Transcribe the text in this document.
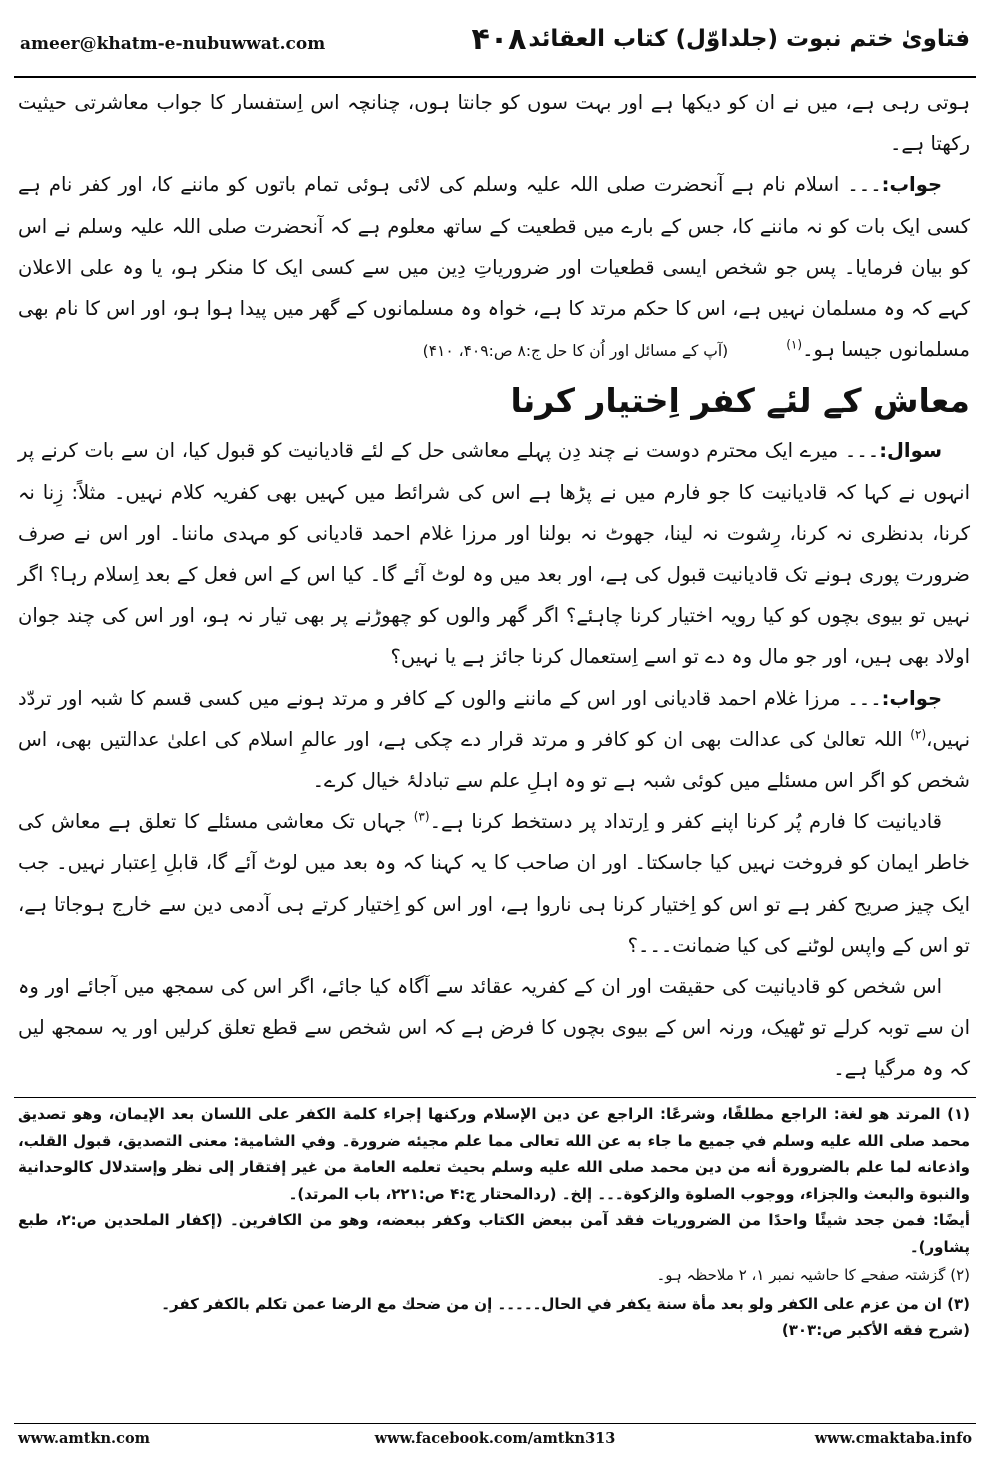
ameer@khatm-e-nubuwwat.com	۴۰۸ فتاویٰ ختم نبوت (جلداوّل) کتاب العقائد

ہوتی رہی ہے، میں نے ان کو دیکھا ہے اور بہت سوں کو جانتا ہوں، چنانچہ اس اِستفسار کا جواب معاشرتی حیثیت رکھتا ہے۔

جواب:۔۔۔ اسلام نام ہے آنحضرت صلی اللہ علیہ وسلم کی لائی ہوئی تمام باتوں کو ماننے کا، اور کفر نام ہے کسی ایک بات کو نہ ماننے کا، جس کے بارے میں قطعیت کے ساتھ معلوم ہے کہ آنحضرت صلی اللہ علیہ وسلم نے اس کو بیان فرمایا۔ پس جو شخص ایسی قطعیات اور ضروریاتِ دِین میں سے کسی ایک کا منکر ہو، یا وہ علی الاعلان کہے کہ وہ مسلمان نہیں ہے، اس کا حکم مرتد کا ہے، خواہ وہ مسلمانوں کے گھر میں پیدا ہوا ہو، اور اس کا نام بھی مسلمانوں جیسا ہو۔$^{(۱)}$(آپ کے مسائل اور اُن کا حل ج:۸ ص:۴۰۹، ۴۱۰)

معاش کے لئے کفر اِختیار کرنا

سوال:۔۔۔ میرے ایک محترم دوست نے چند دِن پہلے معاشی حل کے لئے قادیانیت کو قبول کیا، ان سے بات کرنے پر انہوں نے کہا کہ قادیانیت کا جو فارم میں نے پڑھا ہے اس کی شرائط میں کہیں بھی کفریہ کلام نہیں۔ مثلاً: زِنا نہ کرنا، بدنظری نہ کرنا، رِشوت نہ لینا، جھوٹ نہ بولنا اور مرزا غلام احمد قادیانی کو مہدی ماننا۔ اور اس نے صرف ضرورت پوری ہونے تک قادیانیت قبول کی ہے، اور بعد میں وہ لوٹ آئے گا۔ کیا اس کے اس فعل کے بعد اِسلام رہا؟ اگر نہیں تو بیوی بچوں کو کیا رویہ اختیار کرنا چاہئے؟ اگر گھر والوں کو چھوڑنے پر بھی تیار نہ ہو، اور اس کی چند جوان اولاد بھی ہیں، اور جو مال وہ دے تو اسے اِستعمال کرنا جائز ہے یا نہیں؟

جواب:۔۔۔ مرزا غلام احمد قادیانی اور اس کے ماننے والوں کے کافر و مرتد ہونے میں کسی قسم کا شبہ اور تردّد نہیں،$^{(۲)}$ اللہ تعالیٰ کی عدالت بھی ان کو کافر و مرتد قرار دے چکی ہے، اور عالمِ اسلام کی اعلیٰ عدالتیں بھی، اس شخص کو اگر اس مسئلے میں کوئی شبہ ہے تو وہ اہلِ علم سے تبادلۂ خیال کرے۔

قادیانیت کا فارم پُر کرنا اپنے کفر و اِرتداد پر دستخط کرنا ہے۔$^{(۳)}$ جہاں تک معاشی مسئلے کا تعلق ہے معاش کی خاطر ایمان کو فروخت نہیں کیا جاسکتا۔ اور ان صاحب کا یہ کہنا کہ وہ بعد میں لوٹ آئے گا، قابلِ اِعتبار نہیں۔ جب ایک چیز صریح کفر ہے تو اس کو اِختیار کرنا ہی ناروا ہے، اور اس کو اِختیار کرتے ہی آدمی دین سے خارج ہوجاتا ہے، تو اس کے واپس لوٹنے کی کیا ضمانت۔۔۔؟

اس شخص کو قادیانیت کی حقیقت اور ان کے کفریہ عقائد سے آگاہ کیا جائے، اگر اس کی سمجھ میں آجائے اور وہ ان سے توبہ کرلے تو ٹھیک، ورنہ اس کے بیوی بچوں کا فرض ہے کہ اس شخص سے قطع تعلق کرلیں اور یہ سمجھ لیں کہ وہ مرگیا ہے۔

(۱) المرتد هو لغة: الراجع مطلقًا، وشرعًا: الراجع عن دين الإسلام وركنها إجراء كلمة الكفر على اللسان بعد الإيمان، وهو تصديق محمد صلى الله عليه وسلم في جميع ما جاء به عن الله تعالى مما علم مجيئه ضرورة۔ وفي الشامية: معنى التصديق، قبول القلب، واذعانه لما علم بالضرورة أنه من دين محمد صلى الله عليه وسلم بحيث تعلمه العامة من غير إفتقار إلى نظر وإستدلال كالوحدانية والنبوة والبعث والجزاء، ووجوب الصلوة والزكوة۔۔۔ إلخ۔ (ردالمحتار ج:۴ ص:۲۲۱، باب المرتد)۔

أيضًا: فمن جحد شيئًا واحدًا من الضروريات فقد آمن ببعض الكتاب وكفر ببعضه، وهو من الكافرين۔ (إكفار الملحدين ص:۲، طبع پشاور)۔

(۲) گزشتہ صفحے کا حاشیہ نمبر ۱، ۲ ملاحظہ ہو۔

(۳) ان من عزم على الكفر ولو بعد مأة سنة يكفر في الحال۔۔۔۔۔ إن من ضحك مع الرضا عمن تكلم بالكفر كفر۔

(شرح فقه الأكبر ص:۳۰۳)

www.amtkn.com	www.facebook.com/amtkn313	www.cmaktaba.info
